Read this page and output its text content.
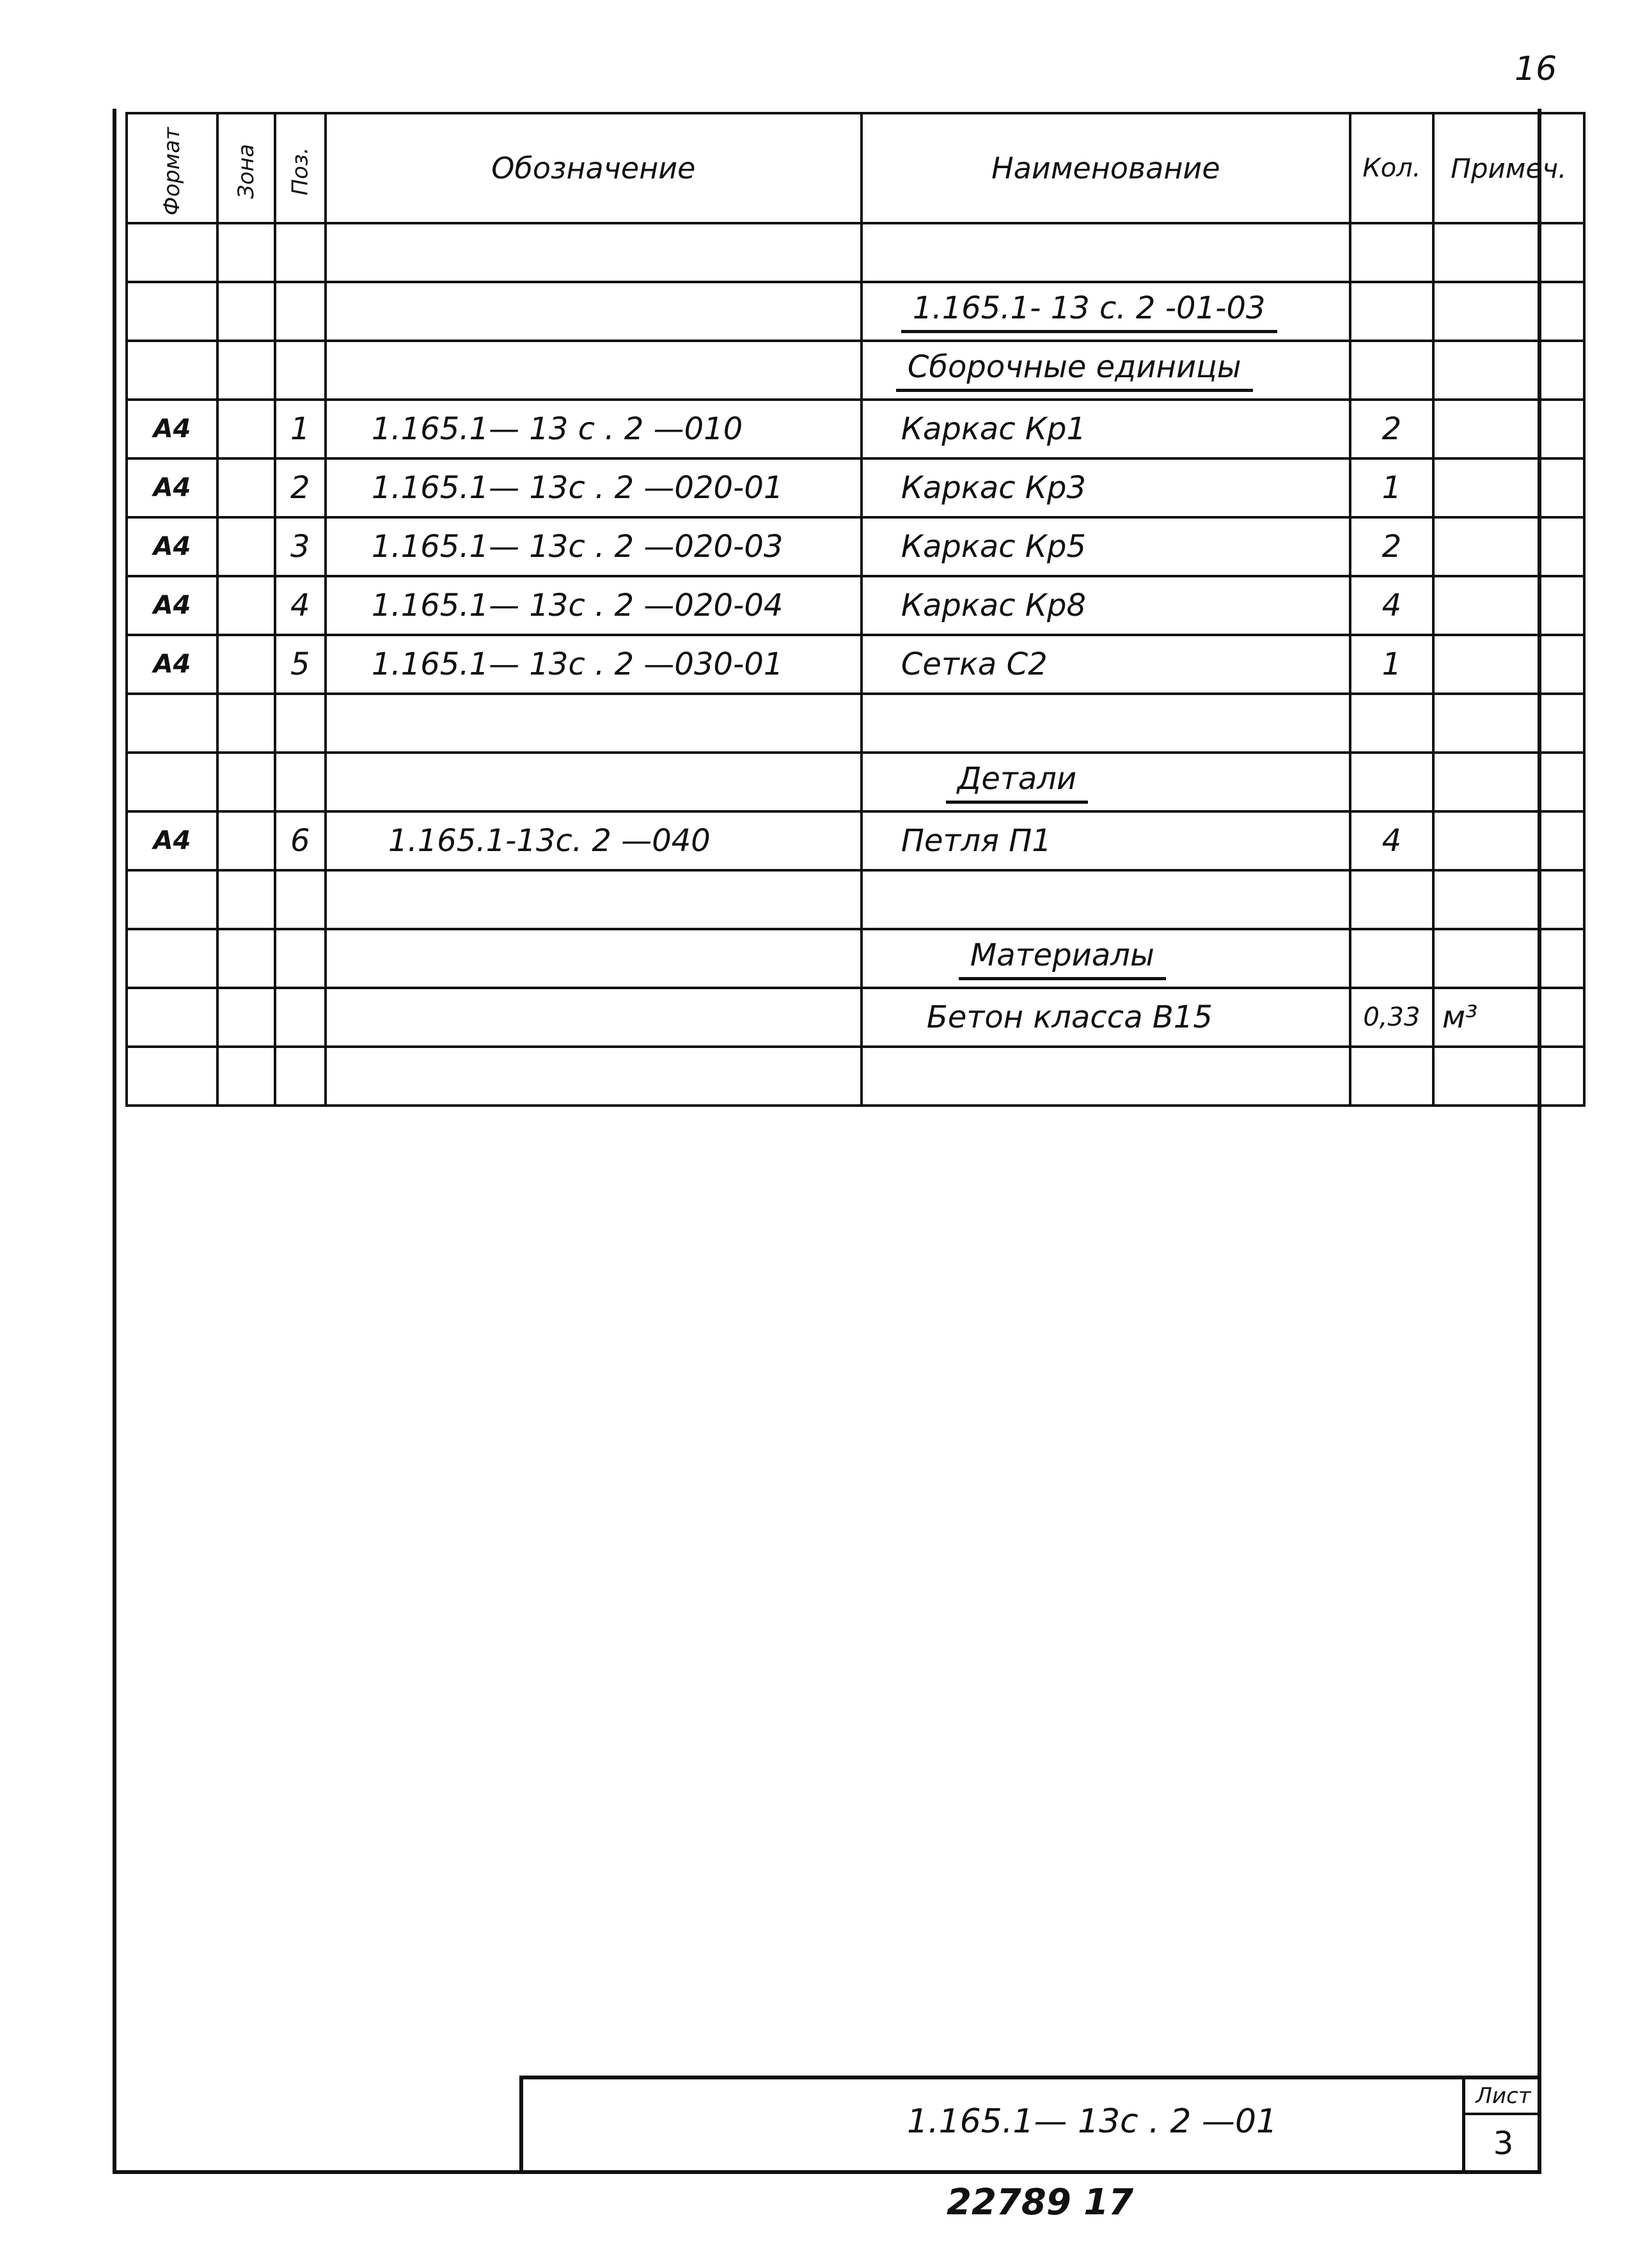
16
Формат	Зона	Поз.	Обозначение	Наименование	Кол.	Примеч.

				1.165.1- 13 с. 2 -01-03		
				Сборочные единицы		
А4		1	1.165.1— 13 с . 2 —010	Каркас Кр1	2	
А4		2	1.165.1— 13с . 2 —020-01	Каркас Кр3	1	
А4		3	1.165.1— 13с . 2 —020-03	Каркас Кр5	2	
А4		4	1.165.1— 13с . 2 —020-04	Каркас Кр8	4	
А4		5	1.165.1— 13с . 2 —030-01	Сетка С2	1	

				Детали		
А4		6	1.165.1-13с. 2 —040	Петля П1	4	

				Материалы		
				Бетон класса В15	0,33	м³

1.165.1— 13с . 2 —01
Лист
3
22789 17
